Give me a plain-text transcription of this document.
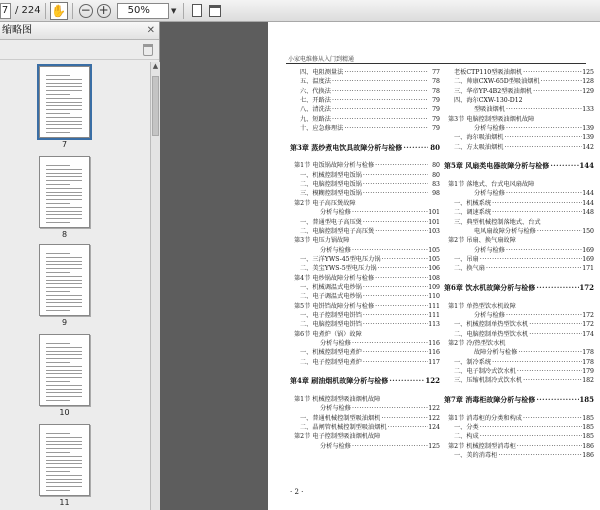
7 / 224 ✋ − +	50%	▼
缩略图	✕
7
8
9
10
11
▲
小家电维修从入门到精通
四、电阻测量法 ·····	77
五、温度法 ·····	78
六、代换法 ·····	78
七、开路法 ·····	79
八、清洗法 ·····	79
九、短路法 ·····	79
十、应急修理法 ·····	79
第3章 蒸炒煮电饮具故障分析与检修 ·····	80
第1节 电饭锅故障分析与检修 ·····	80
一、机械控制型电饭锅 ·····	80
二、电脑控制型电饭锅 ·····	83
三、模糊控制型电饭锅 ·····	98
第2节 电子高压煲故障
分析与检修 ·····	101
一、普通型电子高压煲 ·····	101
二、电脑控制型电子高压煲 ·····	103
第3节 电压力锅故障
分析与检修 ·····	105
一、三洋YWS-45型电压力锅 ·····	105
二、美宝YWS-5型电压力锅 ·····	106
第4节 电炒锅故障分析与检修 ·····	108
一、机械调温式电炒锅 ·····	109
二、电子调温式电炒锅 ·····	110
第5节 电饼铛故障分析与检修 ·····	111
一、电子控制型电饼铛 ·····	111
二、电脑控制型电饼铛 ·····	113
第6节 电煮炉（锅）故障
分析与检修 ·····	116
一、机械控制型电煮炉 ·····	116
二、电子控制型电煮炉 ·····	117
第4章 刷油烟机故障分析与检修 ·····	122
第1节 机械控制型吸油烟机故障
分析与检修 ·····	122
一、普通机械控制型吸油烟机 ·····	122
二、晶闸管机械控制型吸油烟机 ·····	124
第2节 电子控制型吸油烟机故障
分析与检修 ·····	125
老板CTP110型吸油烟机 ·····	125
二、帅康CXW-65D型吸油烟机 ·····	128
三、华帝YP-4B2型吸油烟机 ·····	129
四、海尔CXW-130-D12
型吸油烟机 ·····	133
第3节 电脑控制型吸油烟机故障
分析与检修 ·····	139
一、海尔吸油烟机 ·····	139
二、方太吸油烟机 ·····	142
第5章 风扇类电器故障分析与检修 ·····	144
第1节 落地式、台式电风扇故障
分析与检修 ·····	144
一、机械系统 ·····	144
二、调速系统 ·····	148
三、典型机械控制落地式、台式
电风扇故障分析与检修 ·····	150
第2节 吊扇、换气扇故障
分析与检修 ·····	169
一、吊扇 ·····	169
二、换气扇 ·····	171
第6章 饮水机故障分析与检修 ·····	172
第1节 单热型饮水机故障
分析与检修 ·····	172
一、机械控制单热型饮水机 ·····	172
二、电脑控制单热型饮水机 ·····	174
第2节 冷/热型饮水机
故障分析与检修 ·····	178
一、制冷系统 ·····	178
二、电子制冷式饮水机 ·····	179
三、压缩机制冷式饮水机 ·····	182
第7章 消毒柜故障分析与检修 ·····	185
第1节 消毒柜的分类和构成 ·····	185
一、分类 ·····	185
二、构成 ·····	185
第2节 机械控制型消毒柜 ·····	186
一、美的消毒柜 ·····	186
· 2 ·
